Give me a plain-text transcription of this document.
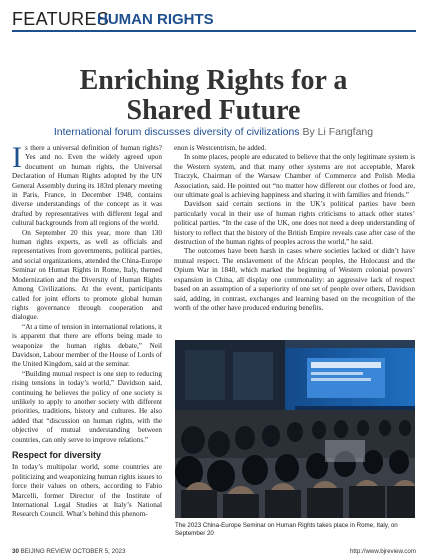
FEATURES
HUMAN RIGHTS
Enriching Rights for a
Shared Future
International forum discusses diversity of civilizations By Li Fangfang

Is there a universal definition of human rights? Yes and no. Even the widely agreed upon document on human rights, the Universal Declaration of Human Rights adopted by the UN General Assembly during its 183rd plenary meeting in Paris, France, in December 1948, contains diverse understandings of the concept as it was drafted by representatives with different legal and cultural backgrounds from all regions of the world.

On September 20 this year, more than 130 human rights experts, as well as officials and representatives from governments, political parties, and social organizations, attended the China-Europe Seminar on Human Rights in Rome, Italy, themed Modernization and the Diversity of Human Rights Among Civilizations. At the event, participants called for joint efforts to promote global human rights governance through cooperation and dialogue.

“At a time of tension in international relations, it is apparent that there are efforts being made to weaponize the human rights debate,” Neil Davidson, Labour member of the House of Lords of the United Kingdom, said at the seminar.

“Building mutual respect is one step to reducing rising tensions in today’s world,” Davidson said, continuing he believes the policy of one society is unlikely to apply to another society with different priorities, traditions, history and cultures. He also added that “discussion on human rights, with the objective of mutual understanding between countries, can only serve to improve relations.”

Respect for diversity

In today’s multipolar world, some countries are politicizing and weaponizing human rights issues to force their values on others, according to Fabio Marcelli, former Director of the Institute of International Legal Studies at Italy’s National Research Council. What’s behind this phenom-

enon is Westcentrism, he added.

In some places, people are educated to believe that the only legitimate system is the Western system, and that many other systems are not acceptable, Marek Traczyk, Chairman of the Warsaw Chamber of Commerce and Polish Media Association, said. He pointed out “no matter how different our clothes or food are, our ultimate goal is achieving happiness and sharing it with families and friends.”

Davidson said certain sections in the UK’s political parties have been particularly vocal in their use of human rights criticisms to attack other states’ political parties. “In the case of the UK, one does not need a deep understanding of history to reflect that the history of the British Empire reveals case after case of the destruction of the human rights of peoples across the world,” he said.

The outcomes have been harsh in cases where societies lacked or didn’t have mutual respect. The enslavement of the African peoples, the Holocaust and the Opium War in 1840, which marked the beginning of Western colonial powers’ expansion in China, all display one commonality: an aggressive lack of respect based on an assumption of a superiority of one set of people over others, Davidson said, adding, in contrast, exchanges and learning based on the recognition of the worth of the other have produced enduring benefits.

The 2023 China-Europe Seminar on Human Rights takes place in Rome, Italy, on September 20
30 BEIJING REVIEW OCTOBER 5, 2023	http://www.bjreview.com
